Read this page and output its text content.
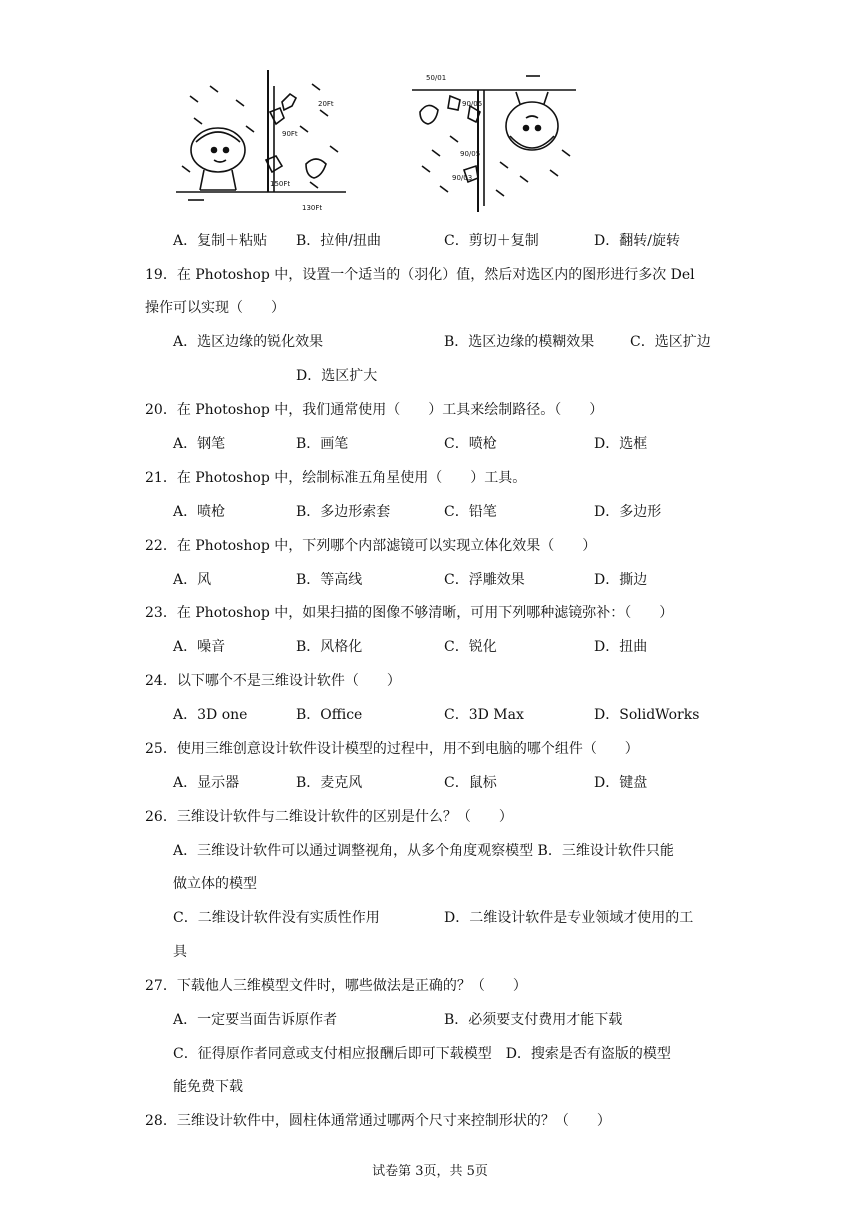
20Ft
90Ft
150Ft
130Ft
50/01
90/05
90/05
90/03
A．复制＋粘贴 B．拉伸/扭曲	C．剪切＋复制	D．翻转/旋转
19．在 Photoshop 中，设置一个适当的（羽化）值，然后对选区内的图形进行多次 Del
操作可以实现（　　）
A．选区边缘的锐化效果	B．选区边缘的模糊效果	C．选区扩边
D．选区扩大
20．在 Photoshop 中，我们通常使用（　　）工具来绘制路径。（　　）
A．钢笔	B．画笔	C．喷枪	D．选框
21．在 Photoshop 中，绘制标准五角星使用（　　）工具。
A．喷枪	B．多边形索套	C．铅笔	D．多边形
22．在 Photoshop 中，下列哪个内部滤镜可以实现立体化效果（　　）
A．风	B．等高线	C．浮雕效果	D．撕边
23．在 Photoshop 中，如果扫描的图像不够清晰，可用下列哪种滤镜弥补：（　　）
A．噪音	B．风格化	C．锐化	D．扭曲
24．以下哪个不是三维设计软件（　　）
A．3D one	B．Office	C．3D Max	D．SolidWorks
25．使用三维创意设计软件设计模型的过程中，用不到电脑的哪个组件（　　）
A．显示器	B．麦克风	C．鼠标	D．键盘
26．三维设计软件与二维设计软件的区别是什么？（　　）
A．三维设计软件可以通过调整视角，从多个角度观察模型 B．三维设计软件只能
做立体的模型
C．二维设计软件没有实质性作用	D．二维设计软件是专业领域才使用的工
具
27．下载他人三维模型文件时，哪些做法是正确的？（　　）
A．一定要当面告诉原作者	B．必须要支付费用才能下载
C．征得原作者同意或支付相应报酬后即可下载模型　D．搜索是否有盗版的模型
能免费下载
28．三维设计软件中，圆柱体通常通过哪两个尺寸来控制形状的？（　　）
试卷第 3页，共 5页
